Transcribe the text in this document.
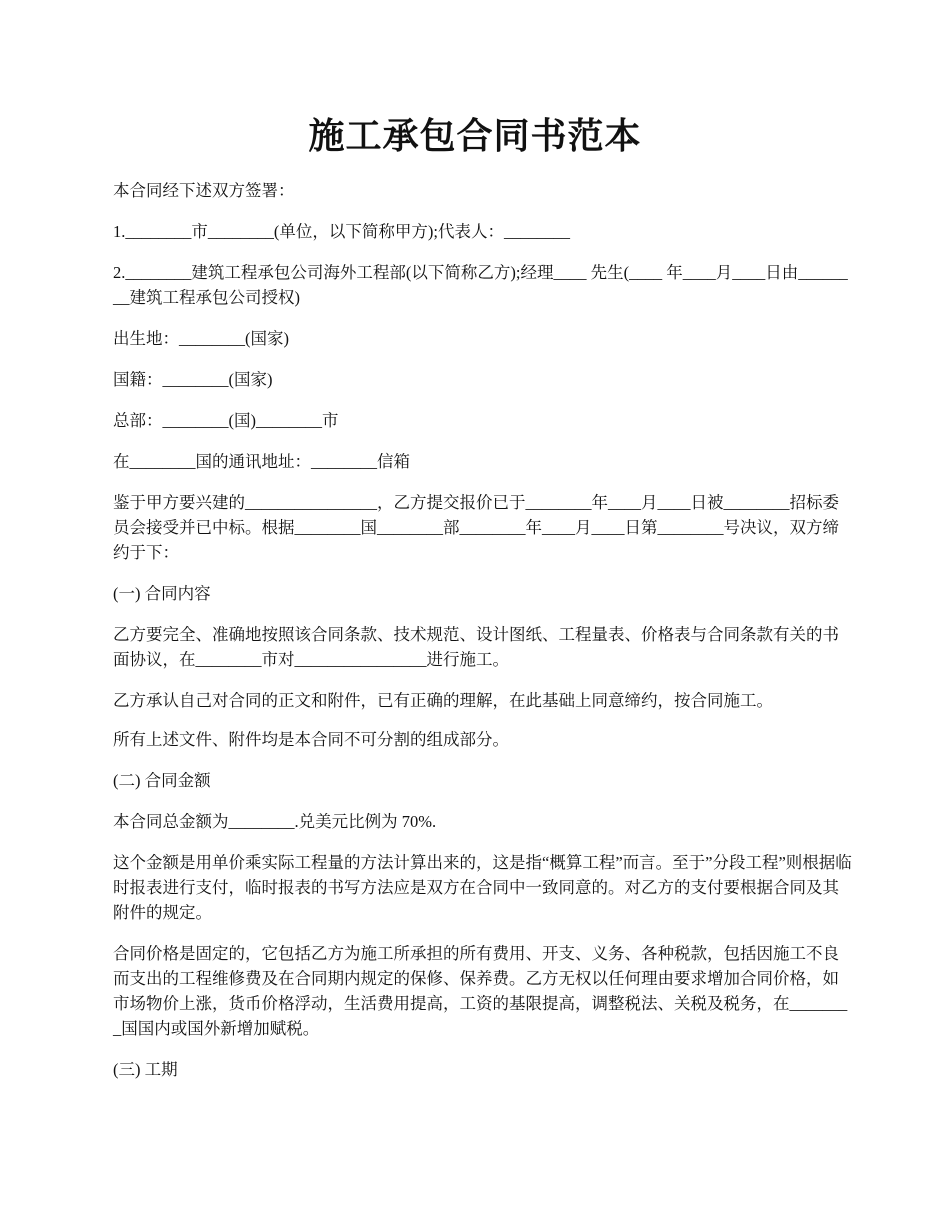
施工承包合同书范本

本合同经下述双方签署：

1.________市________(单位，以下简称甲方);代表人：________

2.________建筑工程承包公司海外工程部(以下简称乙方);经理____ 先生(____ 年____月____日由________建筑工程承包公司授权)

出生地：________(国家)

国籍：________(国家)

总部：________(国)________市

在________国的通讯地址：________信箱

鉴于甲方要兴建的________________，乙方提交报价已于________年____月____日被________招标委员会接受并已中标。根据________国________部________年____月____日第________号决议，双方缔约于下：

(一) 合同内容

乙方要完全、准确地按照该合同条款、技术规范、设计图纸、工程量表、价格表与合同条款有关的书面协议，在________市对________________进行施工。

乙方承认自己对合同的正文和附件，已有正确的理解，在此基础上同意缔约，按合同施工。

所有上述文件、附件均是本合同不可分割的组成部分。

(二) 合同金额

本合同总金额为________.兑美元比例为 70%.

这个金额是用单价乘实际工程量的方法计算出来的，这是指“概算工程”而言。至于”分段工程”则根据临时报表进行支付，临时报表的书写方法应是双方在合同中一致同意的。对乙方的支付要根据合同及其附件的规定。

合同价格是固定的，它包括乙方为施工所承担的所有费用、开支、义务、各种税款，包括因施工不良而支出的工程维修费及在合同期内规定的保修、保养费。乙方无权以任何理由要求增加合同价格，如市场物价上涨，货币价格浮动，生活费用提高，工资的基限提高，调整税法、关税及税务，在________国国内或国外新增加赋税。

(三) 工期
